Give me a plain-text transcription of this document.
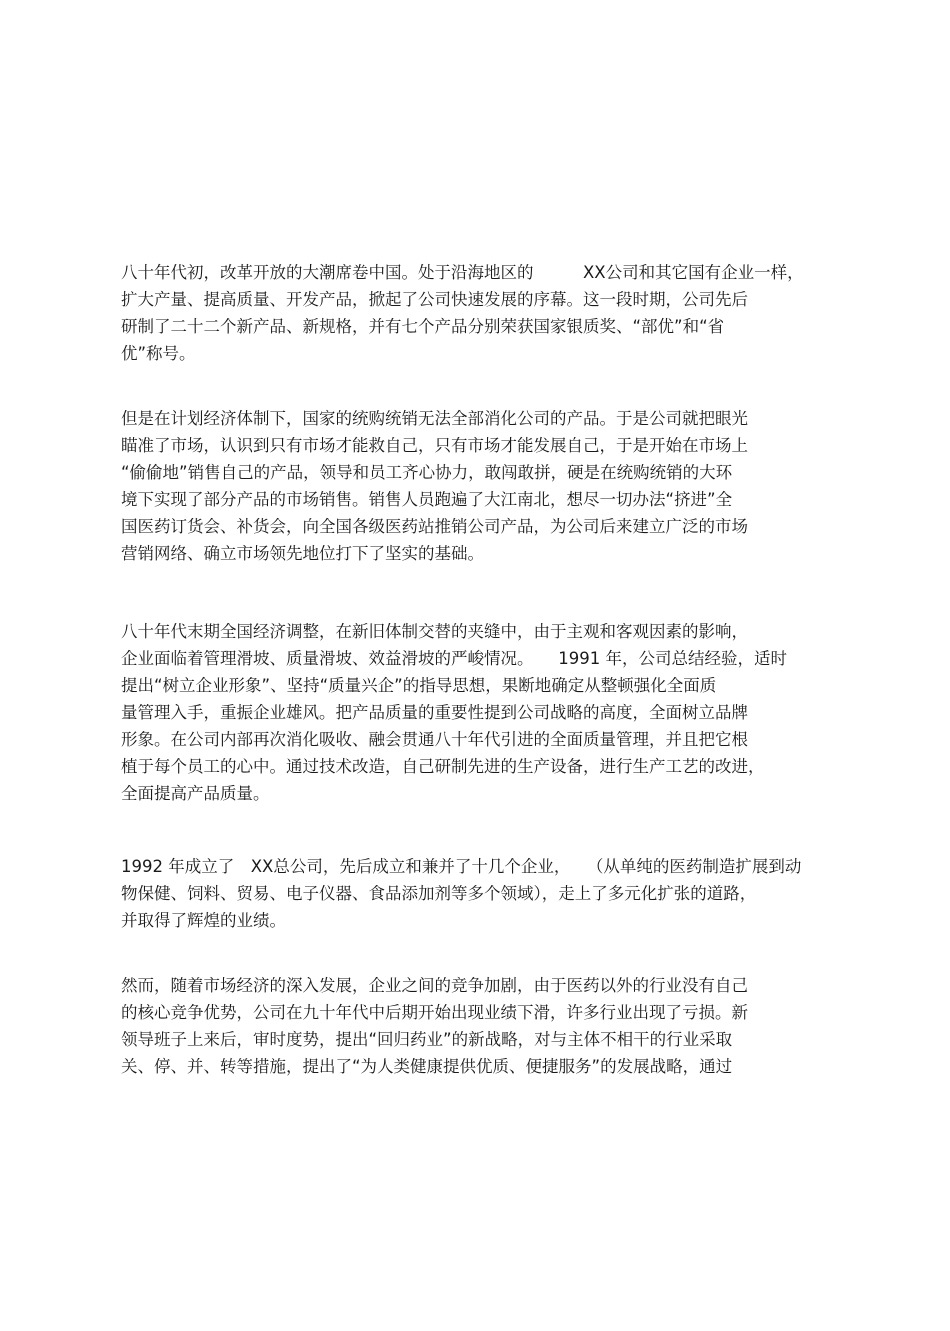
八十年代初，改革开放的大潮席卷中国。处于沿海地区的　　　XX公司和其它国有企业一样，
扩大产量、提高质量、开发产品，掀起了公司快速发展的序幕。这一段时期，公司先后
研制了二十二个新产品、新规格，并有七个产品分别荣获国家银质奖、“部优”和“省
优”称号。
但是在计划经济体制下，国家的统购统销无法全部消化公司的产品。于是公司就把眼光
瞄准了市场，认识到只有市场才能救自己，只有市场才能发展自己，于是开始在市场上
“偷偷地”销售自己的产品，领导和员工齐心协力，敢闯敢拼，硬是在统购统销的大环
境下实现了部分产品的市场销售。销售人员跑遍了大江南北，想尽一切办法“挤进”全
国医药订货会、补货会，向全国各级医药站推销公司产品，为公司后来建立广泛的市场
营销网络、确立市场领先地位打下了坚实的基础。
八十年代末期全国经济调整，在新旧体制交替的夹缝中，由于主观和客观因素的影响，
企业面临着管理滑坡、质量滑坡、效益滑坡的严峻情况。　　1991 年，公司总结经验，适时
提出“树立企业形象”、坚持“质量兴企”的指导思想，果断地确定从整顿强化全面质
量管理入手，重振企业雄风。把产品质量的重要性提到公司战略的高度，全面树立品牌
形象。在公司内部再次消化吸收、融会贯通八十年代引进的全面质量管理，并且把它根
植于每个员工的心中。通过技术改造，自己研制先进的生产设备，进行生产工艺的改进，
全面提高产品质量。
1992 年成立了　XX总公司，先后成立和兼并了十几个企业，　　（从单纯的医药制造扩展到动
物保健、饲料、贸易、电子仪器、食品添加剂等多个领域），走上了多元化扩张的道路，
并取得了辉煌的业绩。
然而，随着市场经济的深入发展，企业之间的竞争加剧，由于医药以外的行业没有自己
的核心竞争优势，公司在九十年代中后期开始出现业绩下滑，许多行业出现了亏损。新
领导班子上来后，审时度势，提出“回归药业”的新战略，对与主体不相干的行业采取
关、停、并、转等措施，提出了“为人类健康提供优质、便捷服务”的发展战略，通过
